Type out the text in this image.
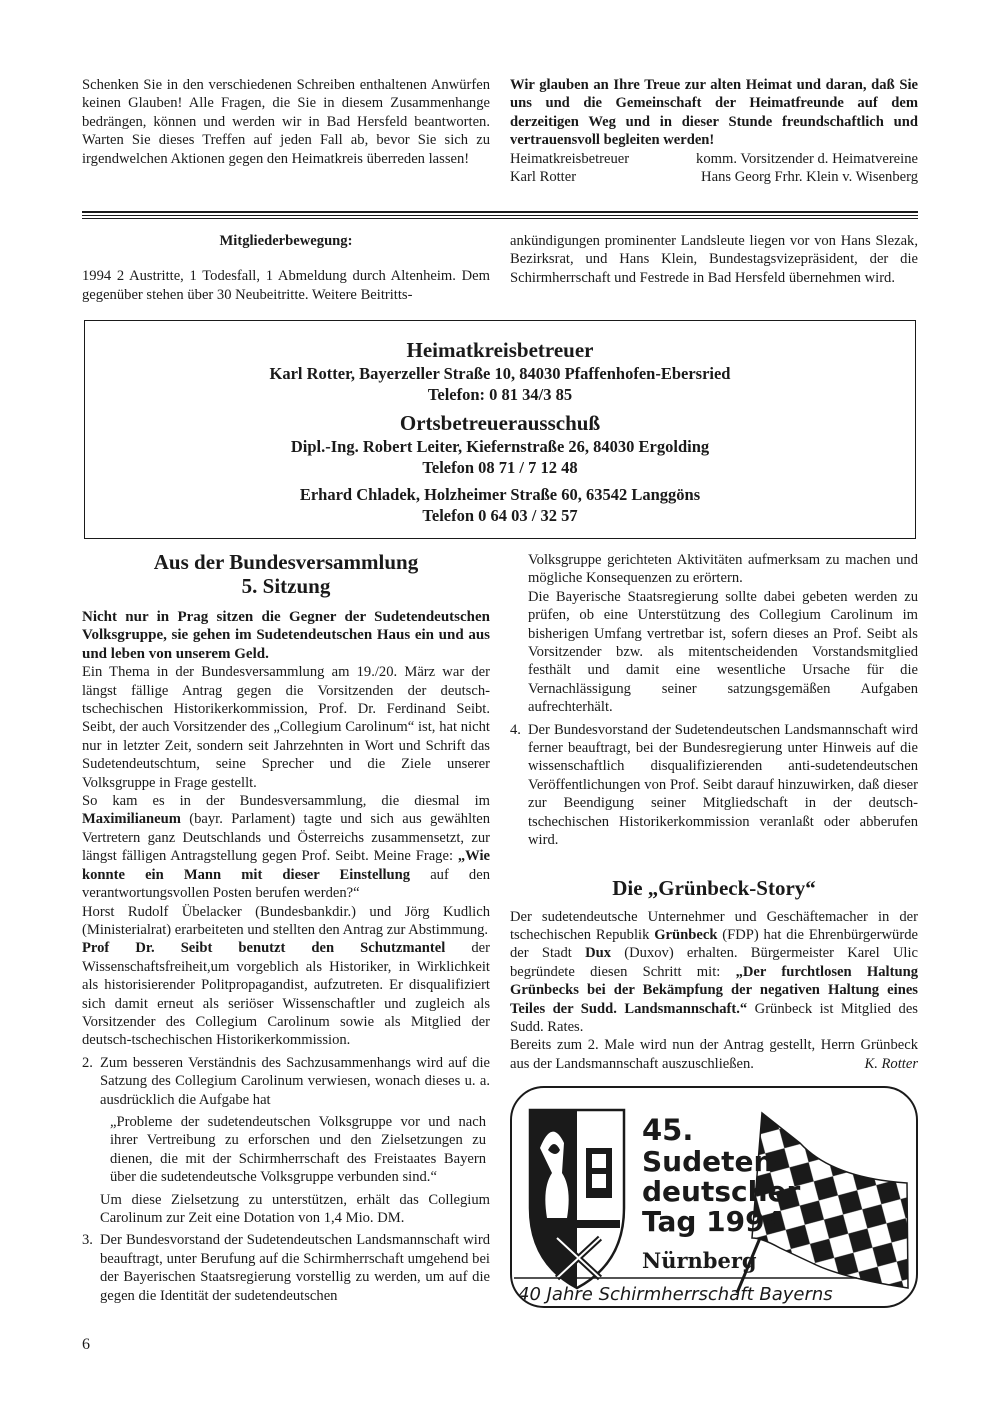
Schenken Sie in den verschiedenen Schreiben enthaltenen Anwürfen keinen Glauben! Alle Fragen, die Sie in diesem Zusammenhange bedrängen, können und werden wir in Bad Hersfeld beantworten. Warten Sie dieses Treffen auf jeden Fall ab, bevor Sie sich zu irgendwelchen Aktionen gegen den Heimatkreis überreden lassen!

Wir glauben an Ihre Treue zur alten Heimat und daran, daß Sie uns und die Gemeinschaft der Heimatfreunde auf dem derzeitigen Weg und in dieser Stunde freundschaftlich und vertrauensvoll begleiten werden!

Heimatkreisbetreuer	komm. Vorsitzender d. Heimatvereine
Karl Rotter	Hans Georg Frhr. Klein v. Wisenberg

Mitgliederbewegung:

1994 2 Austritte, 1 Todesfall, 1 Abmeldung durch Altenheim. Dem gegenüber stehen über 30 Neubeitritte. Weitere Beitritts-

ankündigungen prominenter Landsleute liegen vor von Hans Slezak, Bezirksrat, und Hans Klein, Bundestagsvizepräsident, der die Schirmherrschaft und Festrede in Bad Hersfeld übernehmen wird.

Heimatkreisbetreuer
Karl Rotter, Bayerzeller Straße 10, 84030 Pfaffenhofen-Ebersried
Telefon: 0 81 34/3 85
Ortsbetreuerausschuß
Dipl.-Ing. Robert Leiter, Kiefernstraße 26, 84030 Ergolding
Telefon 08 71 / 7 12 48
Erhard Chladek, Holzheimer Straße 60, 63542 Langgöns
Telefon 0 64 03 / 32 57
Aus der Bundesversammlung
5. Sitzung

Nicht nur in Prag sitzen die Gegner der Sudetendeutschen Volksgruppe, sie gehen im Sudetendeutschen Haus ein und aus und leben von unserem Geld.

Ein Thema in der Bundesversammlung am 19./20. März war der längst fällige Antrag gegen die Vorsitzenden der deutsch-tschechischen Historikerkommission, Prof. Dr. Ferdinand Seibt. Seibt, der auch Vorsitzender des „Collegium Carolinum“ ist, hat nicht nur in letzter Zeit, sondern seit Jahrzehnten in Wort und Schrift das Sudetendeutschtum, seine Sprecher und die Ziele unserer Volksgruppe in Frage gestellt.

So kam es in der Bundesversammlung, die diesmal im Maximilianeum (bayr. Parlament) tagte und sich aus gewählten Vertretern ganz Deutschlands und Österreichs zusammensetzt, zur längst fälligen Antragstellung gegen Prof. Seibt. Meine Frage: „Wie konnte ein Mann mit dieser Einstellung auf den verantwortungsvollen Posten berufen werden?“

Horst Rudolf Übelacker (Bundesbankdir.) und Jörg Kudlich (Ministerialrat) erarbeiteten und stellten den Antrag zur Abstimmung.

Prof Dr. Seibt benutzt den Schutzmantel der Wissenschaftsfreiheit,um vorgeblich als Historiker, in Wirklichkeit als historisierender Politpropagandist, aufzutreten. Er disqualifiziert sich damit erneut als seriöser Wissenschaftler und zugleich als Vorsitzender des Collegium Carolinum sowie als Mitglied der deutsch-tschechischen Historikerkommission.

2. Zum besseren Verständnis des Sachzusammenhangs wird auf die Satzung des Collegium Carolinum verwiesen, wonach dieses u. a. ausdrücklich die Aufgabe hat

„Probleme der sudetendeutschen Volksgruppe vor und nach ihrer Vertreibung zu erforschen und den Zielsetzungen zu dienen, die mit der Schirmherrschaft des Freistaates Bayern über die sudetendeutsche Volksgruppe verbunden sind.“

Um diese Zielsetzung zu unterstützen, erhält das Collegium Carolinum zur Zeit eine Dotation von 1,4 Mio. DM.

3. Der Bundesvorstand der Sudetendeutschen Landsmannschaft wird beauftragt, unter Berufung auf die Schirmherrschaft umgehend bei der Bayerischen Staatsregierung vorstellig zu werden, um auf die gegen die Identität der sudetendeutschen

Volksgruppe gerichteten Aktivitäten aufmerksam zu machen und mögliche Konsequenzen zu erörtern.

Die Bayerische Staatsregierung sollte dabei gebeten werden zu prüfen, ob eine Unterstützung des Collegium Carolinum im bisherigen Umfang vertretbar ist, sofern dieses an Prof. Seibt als Vorsitzender bzw. als mitentscheidenden Vorstandsmitglied festhält und damit eine wesentliche Ursache für die Vernachlässigung seiner satzungsgemäßen Aufgaben aufrechterhält.

4. Der Bundesvorstand der Sudetendeutschen Landsmannschaft wird ferner beauftragt, bei der Bundesregierung unter Hinweis auf die wissenschaftlich disqualifizierenden anti-sudetendeutschen Veröffentlichungen von Prof. Seibt darauf hinzuwirken, daß dieser zur Beendigung seiner Mitgliedschaft in der deutsch-tschechischen Historikerkommission veranlaßt oder abberufen wird.
Die „Grünbeck-Story“

Der sudetendeutsche Unternehmer und Geschäftemacher in der tschechischen Republik Grünbeck (FDP) hat die Ehrenbürgerwürde der Stadt Dux (Duxov) erhalten. Bürgermeister Karel Ulic begründete diesen Schritt mit: „Der furchtlosen Haltung Grünbecks bei der Bekämpfung der negativen Haltung eines Teiles der Sudd. Landsmannschaft.“ Grünbeck ist Mitglied des Sudd. Rates.

Bereits zum 2. Male wird nun der Antrag gestellt, Herrn Grünbeck aus der Landsmannschaft auszuschließen.	K. Rotter

45.
Sudeten-
deutscher
Tag 1994
Nürnberg
40 Jahre Schirmherrschaft Bayerns
6
